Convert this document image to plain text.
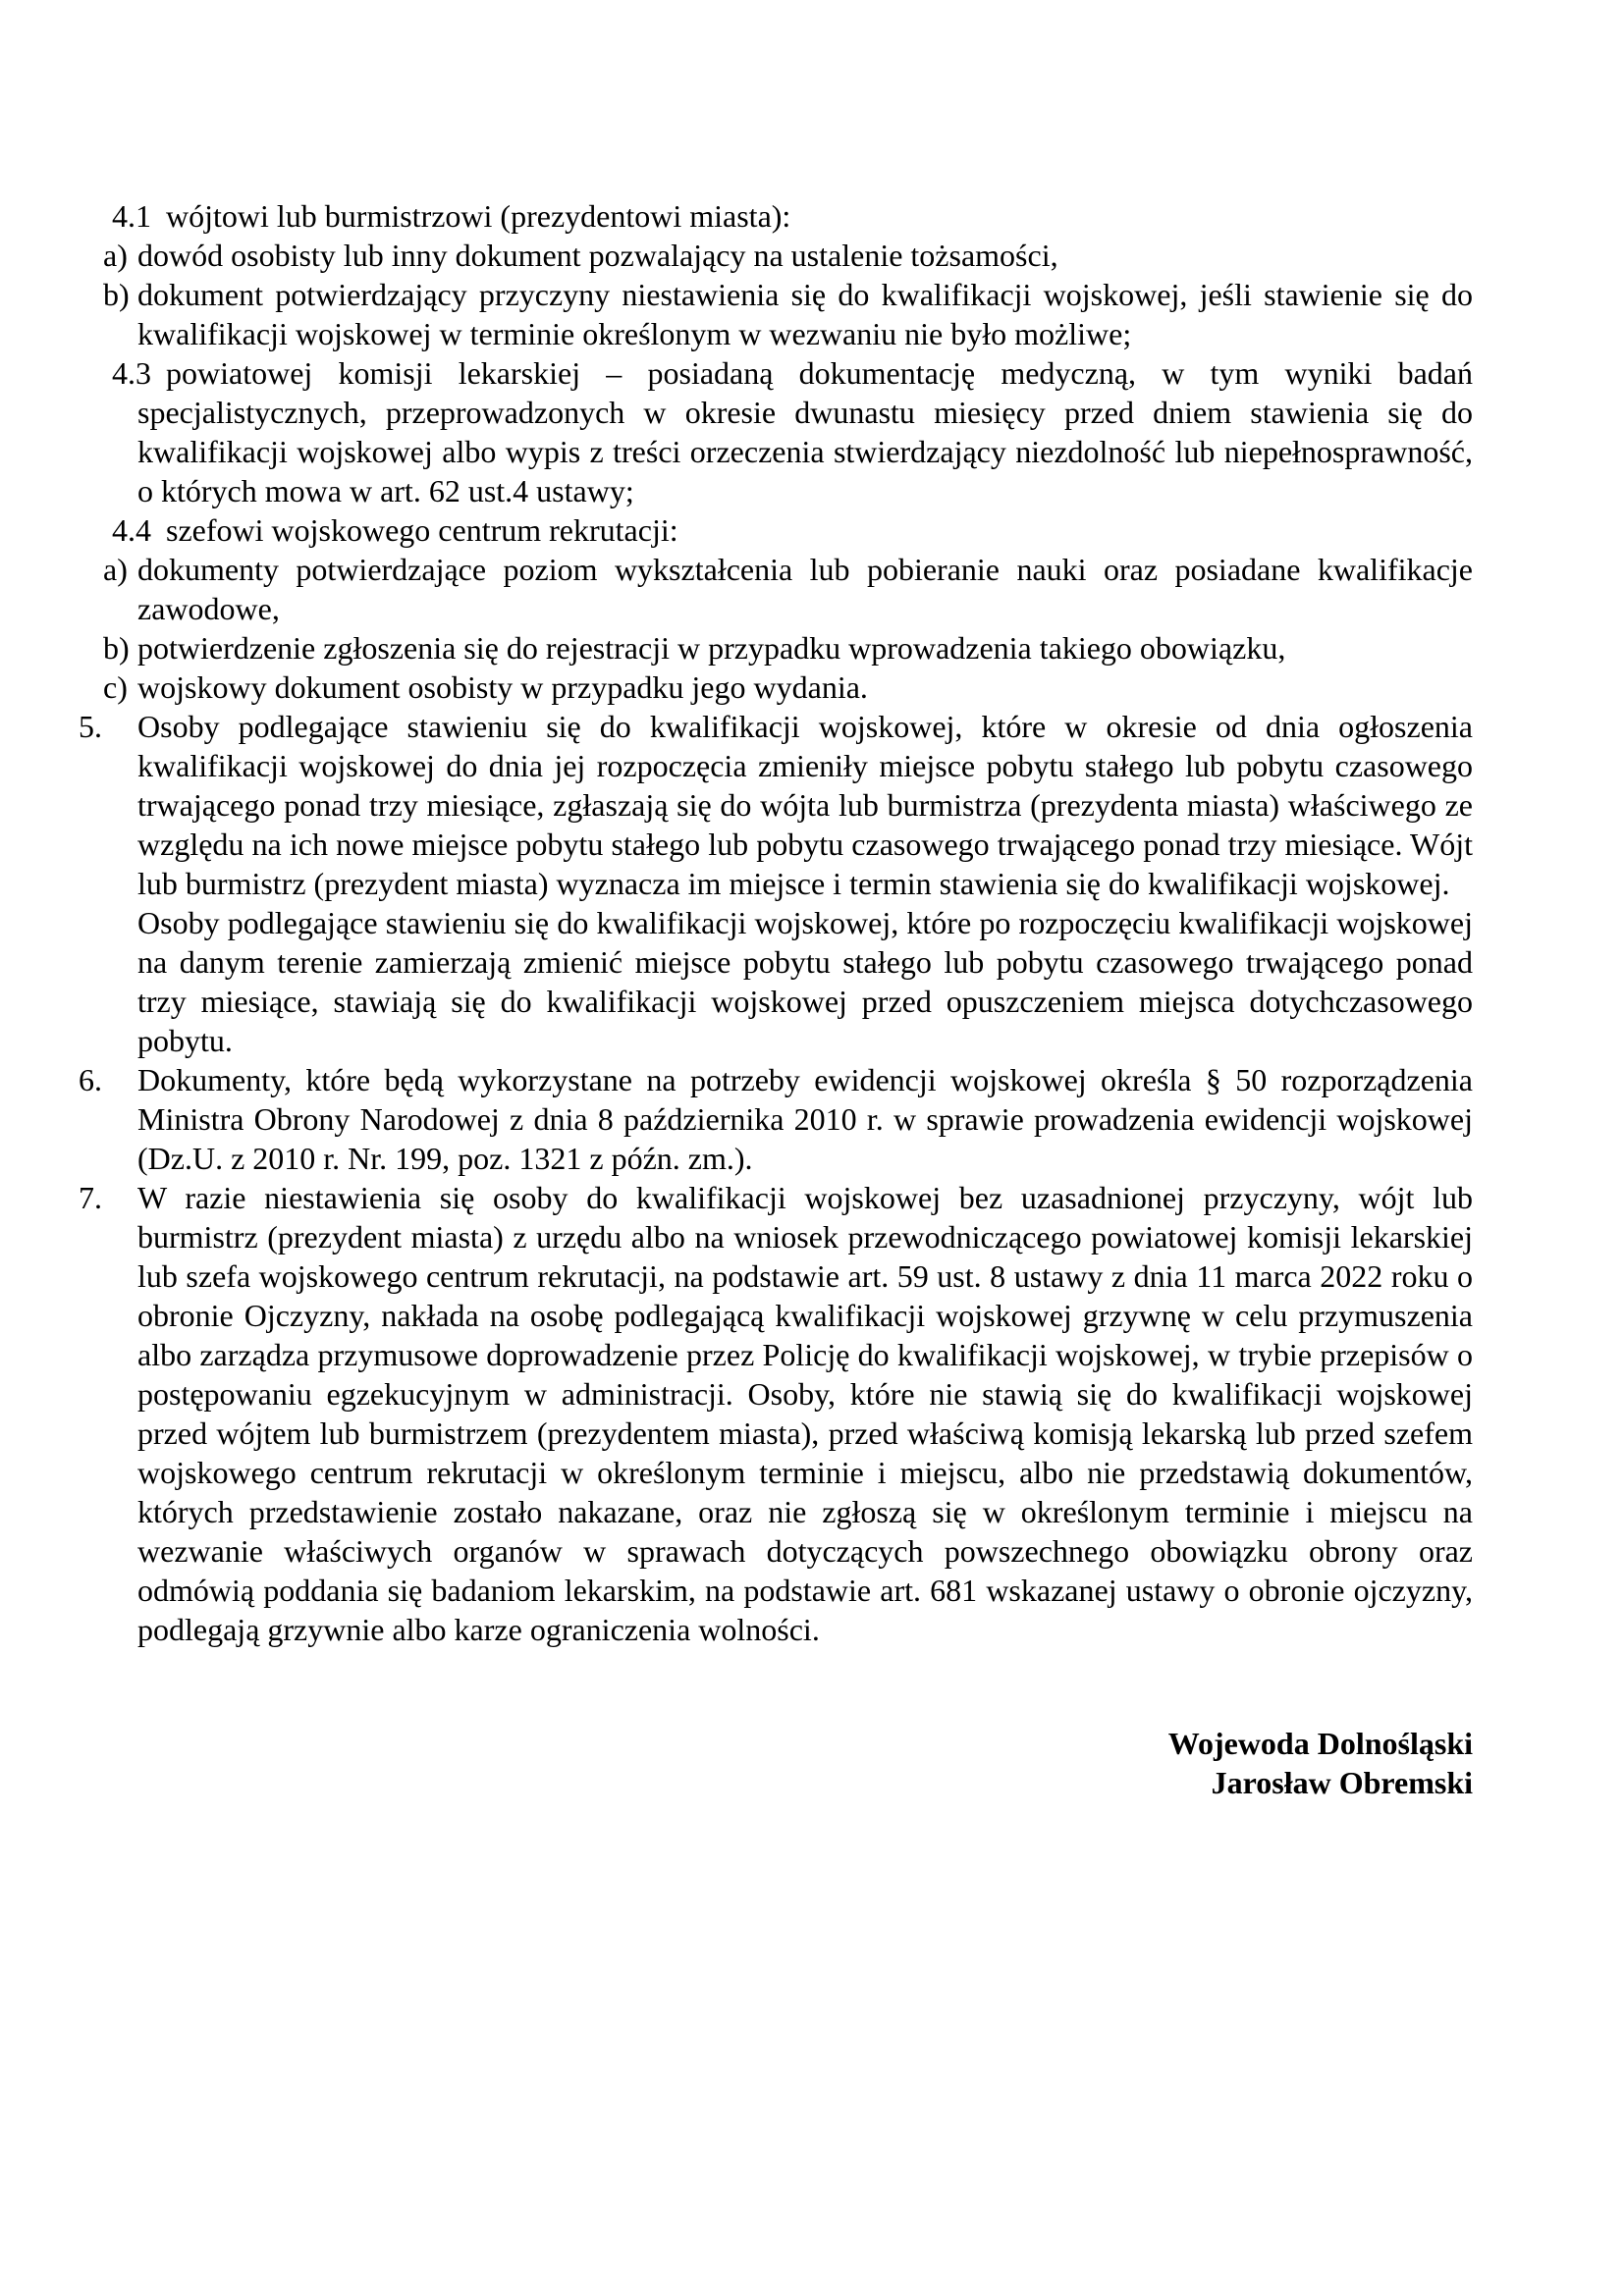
4.1 wójtowi lub burmistrzowi (prezydentowi miasta):

a) dowód osobisty lub inny dokument pozwalający na ustalenie tożsamości,

b) dokument potwierdzający przyczyny niestawienia się do kwalifikacji wojskowej, jeśli stawienie się do kwalifikacji wojskowej w terminie określonym w wezwaniu nie było możliwe;

4.3 powiatowej komisji lekarskiej – posiadaną dokumentację medyczną, w tym wyniki badań specjalistycznych, przeprowadzonych w okresie dwunastu miesięcy przed dniem stawienia się do kwalifikacji wojskowej albo wypis z treści orzeczenia stwierdzający niezdolność lub niepełnosprawność, o których mowa w art. 62 ust.4 ustawy;

4.4 szefowi wojskowego centrum rekrutacji:

a) dokumenty potwierdzające poziom wykształcenia lub pobieranie nauki oraz posiadane kwalifikacje zawodowe,

b) potwierdzenie zgłoszenia się do rejestracji w przypadku wprowadzenia takiego obowiązku,

c) wojskowy dokument osobisty w przypadku jego wydania.

5. Osoby podlegające stawieniu się do kwalifikacji wojskowej, które w okresie od dnia ogłoszenia kwalifikacji wojskowej do dnia jej rozpoczęcia zmieniły miejsce pobytu stałego lub pobytu czasowego trwającego ponad trzy miesiące, zgłaszają się do wójta lub burmistrza (prezydenta miasta) właściwego ze względu na ich nowe miejsce pobytu stałego lub pobytu czasowego trwającego ponad trzy miesiące. Wójt lub burmistrz (prezydent miasta) wyznacza im miejsce i termin stawienia się do kwalifikacji wojskowej.

Osoby podlegające stawieniu się do kwalifikacji wojskowej, które po rozpoczęciu kwalifikacji wojskowej na danym terenie zamierzają zmienić miejsce pobytu stałego lub pobytu czasowego trwającego ponad trzy miesiące, stawiają się do kwalifikacji wojskowej przed opuszczeniem miejsca dotychczasowego pobytu.

6. Dokumenty, które będą wykorzystane na potrzeby ewidencji wojskowej określa § 50 rozporządzenia Ministra Obrony Narodowej z dnia 8 października 2010 r. w sprawie prowadzenia ewidencji wojskowej (Dz.U. z 2010 r. Nr. 199, poz. 1321 z późn. zm.).

7. W razie niestawienia się osoby do kwalifikacji wojskowej bez uzasadnionej przyczyny, wójt lub burmistrz (prezydent miasta) z urzędu albo na wniosek przewodniczącego powiatowej komisji lekarskiej lub szefa wojskowego centrum rekrutacji, na podstawie art. 59 ust. 8 ustawy z dnia 11 marca 2022 roku o obronie Ojczyzny, nakłada na osobę podlegającą kwalifikacji wojskowej grzywnę w celu przymuszenia albo zarządza przymusowe doprowadzenie przez Policję do kwalifikacji wojskowej, w trybie przepisów o postępowaniu egzekucyjnym w administracji. Osoby, które nie stawią się do kwalifikacji wojskowej przed wójtem lub burmistrzem (prezydentem miasta), przed właściwą komisją lekarską lub przed szefem wojskowego centrum rekrutacji w określonym terminie i miejscu, albo nie przedstawią dokumentów, których przedstawienie zostało nakazane, oraz nie zgłoszą się w określonym terminie i miejscu na wezwanie właściwych organów w sprawach dotyczących powszechnego obowiązku obrony oraz odmówią poddania się badaniom lekarskim, na podstawie art. 681 wskazanej ustawy o obronie ojczyzny, podlegają grzywnie albo karze ograniczenia wolności.

Wojewoda Dolnośląski

Jarosław Obremski
